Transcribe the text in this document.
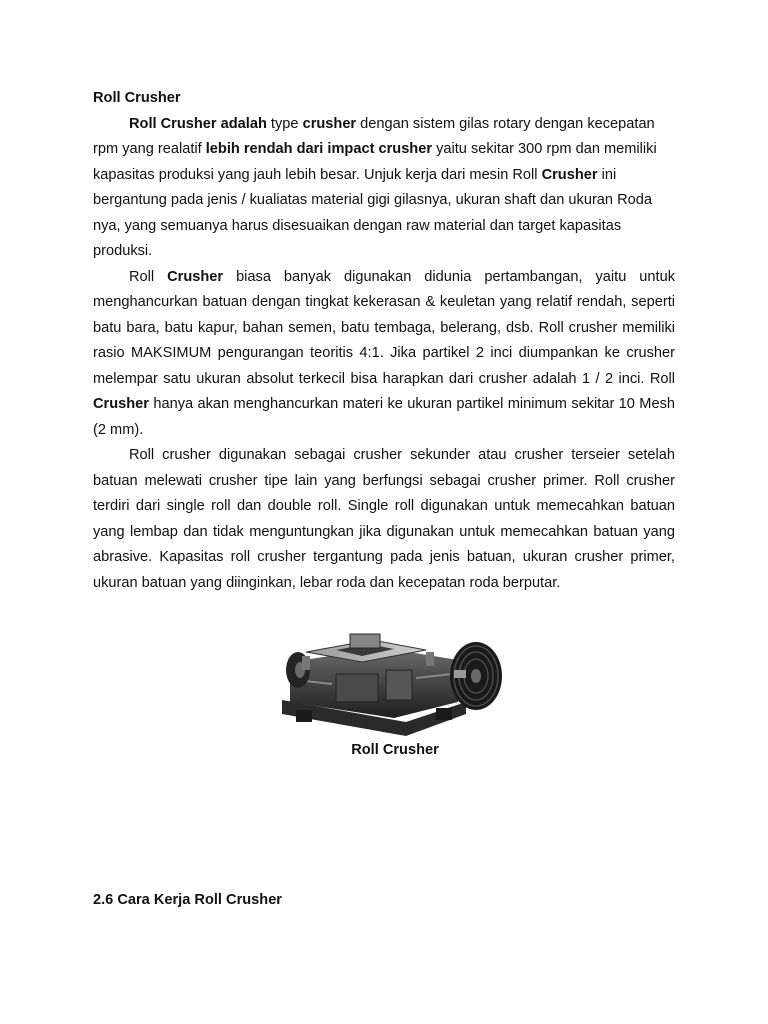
Roll Crusher

Roll Crusher adalah type crusher dengan sistem gilas rotary dengan kecepatan rpm yang realatif lebih rendah dari impact crusher yaitu sekitar 300 rpm dan memiliki kapasitas produksi yang jauh lebih besar. Unjuk kerja dari mesin Roll Crusher ini bergantung pada jenis / kualiatas material gigi gilasnya, ukuran shaft dan ukuran Roda nya, yang semuanya harus disesuaikan dengan raw material dan target kapasitas produksi.

Roll Crusher biasa banyak digunakan didunia pertambangan, yaitu untuk menghancurkan batuan dengan tingkat kekerasan & keuletan yang relatif rendah, seperti batu bara, batu kapur, bahan semen, batu tembaga, belerang, dsb. Roll crusher memiliki rasio MAKSIMUM pengurangan teoritis 4:1. Jika partikel 2 inci diumpankan ke crusher melempar satu ukuran absolut terkecil bisa harapkan dari crusher adalah 1 / 2 inci. Roll Crusher hanya akan menghancurkan materi ke ukuran partikel minimum sekitar 10 Mesh (2 mm).

Roll crusher digunakan sebagai crusher sekunder atau crusher terseier setelah batuan melewati crusher tipe lain yang berfungsi sebagai crusher primer. Roll crusher terdiri dari single roll dan double roll. Single roll digunakan untuk memecahkan batuan yang lembap dan tidak menguntungkan jika digunakan untuk memecahkan batuan yang abrasive. Kapasitas roll crusher tergantung pada jenis batuan, ukuran crusher primer, ukuran batuan yang diinginkan, lebar roda dan kecepatan roda berputar.

Roll Crusher
2.6 Cara Kerja Roll Crusher
